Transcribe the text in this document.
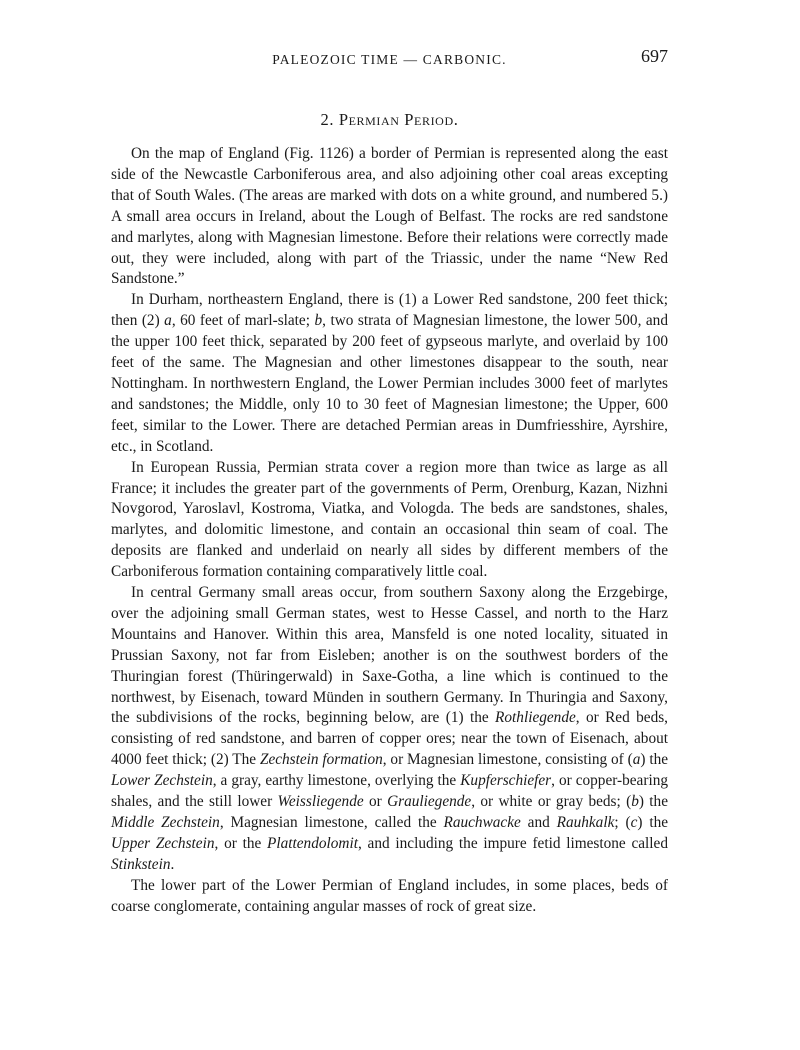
PALEOZOIC TIME — CARBONIC.	697
2. Permian Period.

On the map of England (Fig. 1126) a border of Permian is represented along the east side of the Newcastle Carboniferous area, and also adjoining other coal areas excepting that of South Wales. (The areas are marked with dots on a white ground, and numbered 5.) A small area occurs in Ireland, about the Lough of Belfast. The rocks are red sandstone and marlytes, along with Magnesian limestone. Before their relations were correctly made out, they were included, along with part of the Triassic, under the name “New Red Sandstone.”

In Durham, northeastern England, there is (1) a Lower Red sandstone, 200 feet thick; then (2) a, 60 feet of marl-slate; b, two strata of Magnesian limestone, the lower 500, and the upper 100 feet thick, separated by 200 feet of gypseous marlyte, and overlaid by 100 feet of the same. The Magnesian and other limestones disappear to the south, near Nottingham. In northwestern England, the Lower Permian includes 3000 feet of marlytes and sandstones; the Middle, only 10 to 30 feet of Magnesian limestone; the Upper, 600 feet, similar to the Lower. There are detached Permian areas in Dumfriesshire, Ayrshire, etc., in Scotland.

In European Russia, Permian strata cover a region more than twice as large as all France; it includes the greater part of the governments of Perm, Orenburg, Kazan, Nizhni Novgorod, Yaroslavl, Kostroma, Viatka, and Vologda. The beds are sandstones, shales, marlytes, and dolomitic limestone, and contain an occasional thin seam of coal. The deposits are flanked and underlaid on nearly all sides by different members of the Carboniferous formation containing comparatively little coal.

In central Germany small areas occur, from southern Saxony along the Erzgebirge, over the adjoining small German states, west to Hesse Cassel, and north to the Harz Mountains and Hanover. Within this area, Mansfeld is one noted locality, situated in Prussian Saxony, not far from Eisleben; another is on the southwest borders of the Thuringian forest (Thüringerwald) in Saxe-Gotha, a line which is continued to the northwest, by Eisenach, toward Münden in southern Germany. In Thuringia and Saxony, the subdivisions of the rocks, beginning below, are (1) the Rothliegende, or Red beds, consisting of red sandstone, and barren of copper ores; near the town of Eisenach, about 4000 feet thick; (2) The Zechstein formation, or Magnesian limestone, consisting of (a) the Lower Zechstein, a gray, earthy limestone, overlying the Kupferschiefer, or copper-bearing shales, and the still lower Weissliegende or Grauliegende, or white or gray beds; (b) the Middle Zechstein, Magnesian limestone, called the Rauchwacke and Rauhkalk; (c) the Upper Zechstein, or the Plattendolomit, and including the impure fetid limestone called Stinkstein.

The lower part of the Lower Permian of England includes, in some places, beds of coarse conglomerate, containing angular masses of rock of great size.
